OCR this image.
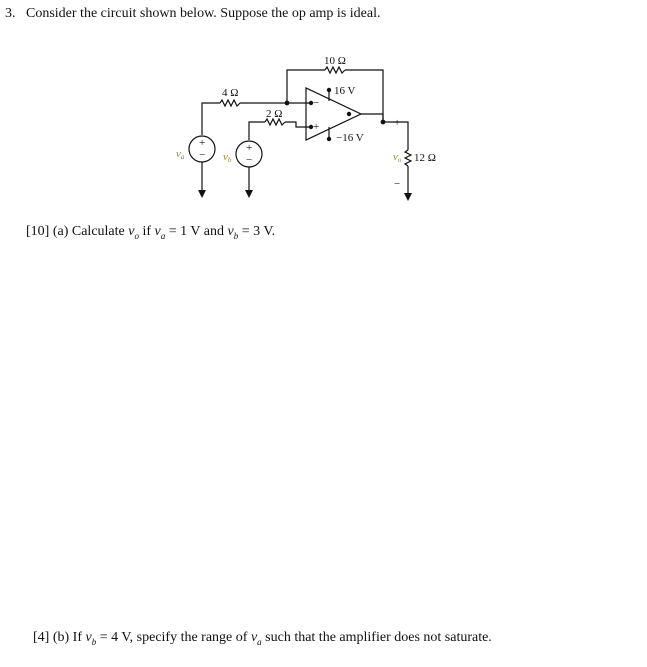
3. Consider the circuit shown below. Suppose the op amp is ideal.
10 Ω
4 Ω
2 Ω
16 V
−16 V
12 Ω
−
+
+
−
+
−
+
−
va	vb	vo
[10] (a) Calculate $v_o$ if $v_a = 1$ V and $v_b = 3$ V.
[4] (b) If $v_b = 4$ V, specify the range of $v_a$ such that the amplifier does not saturate.
